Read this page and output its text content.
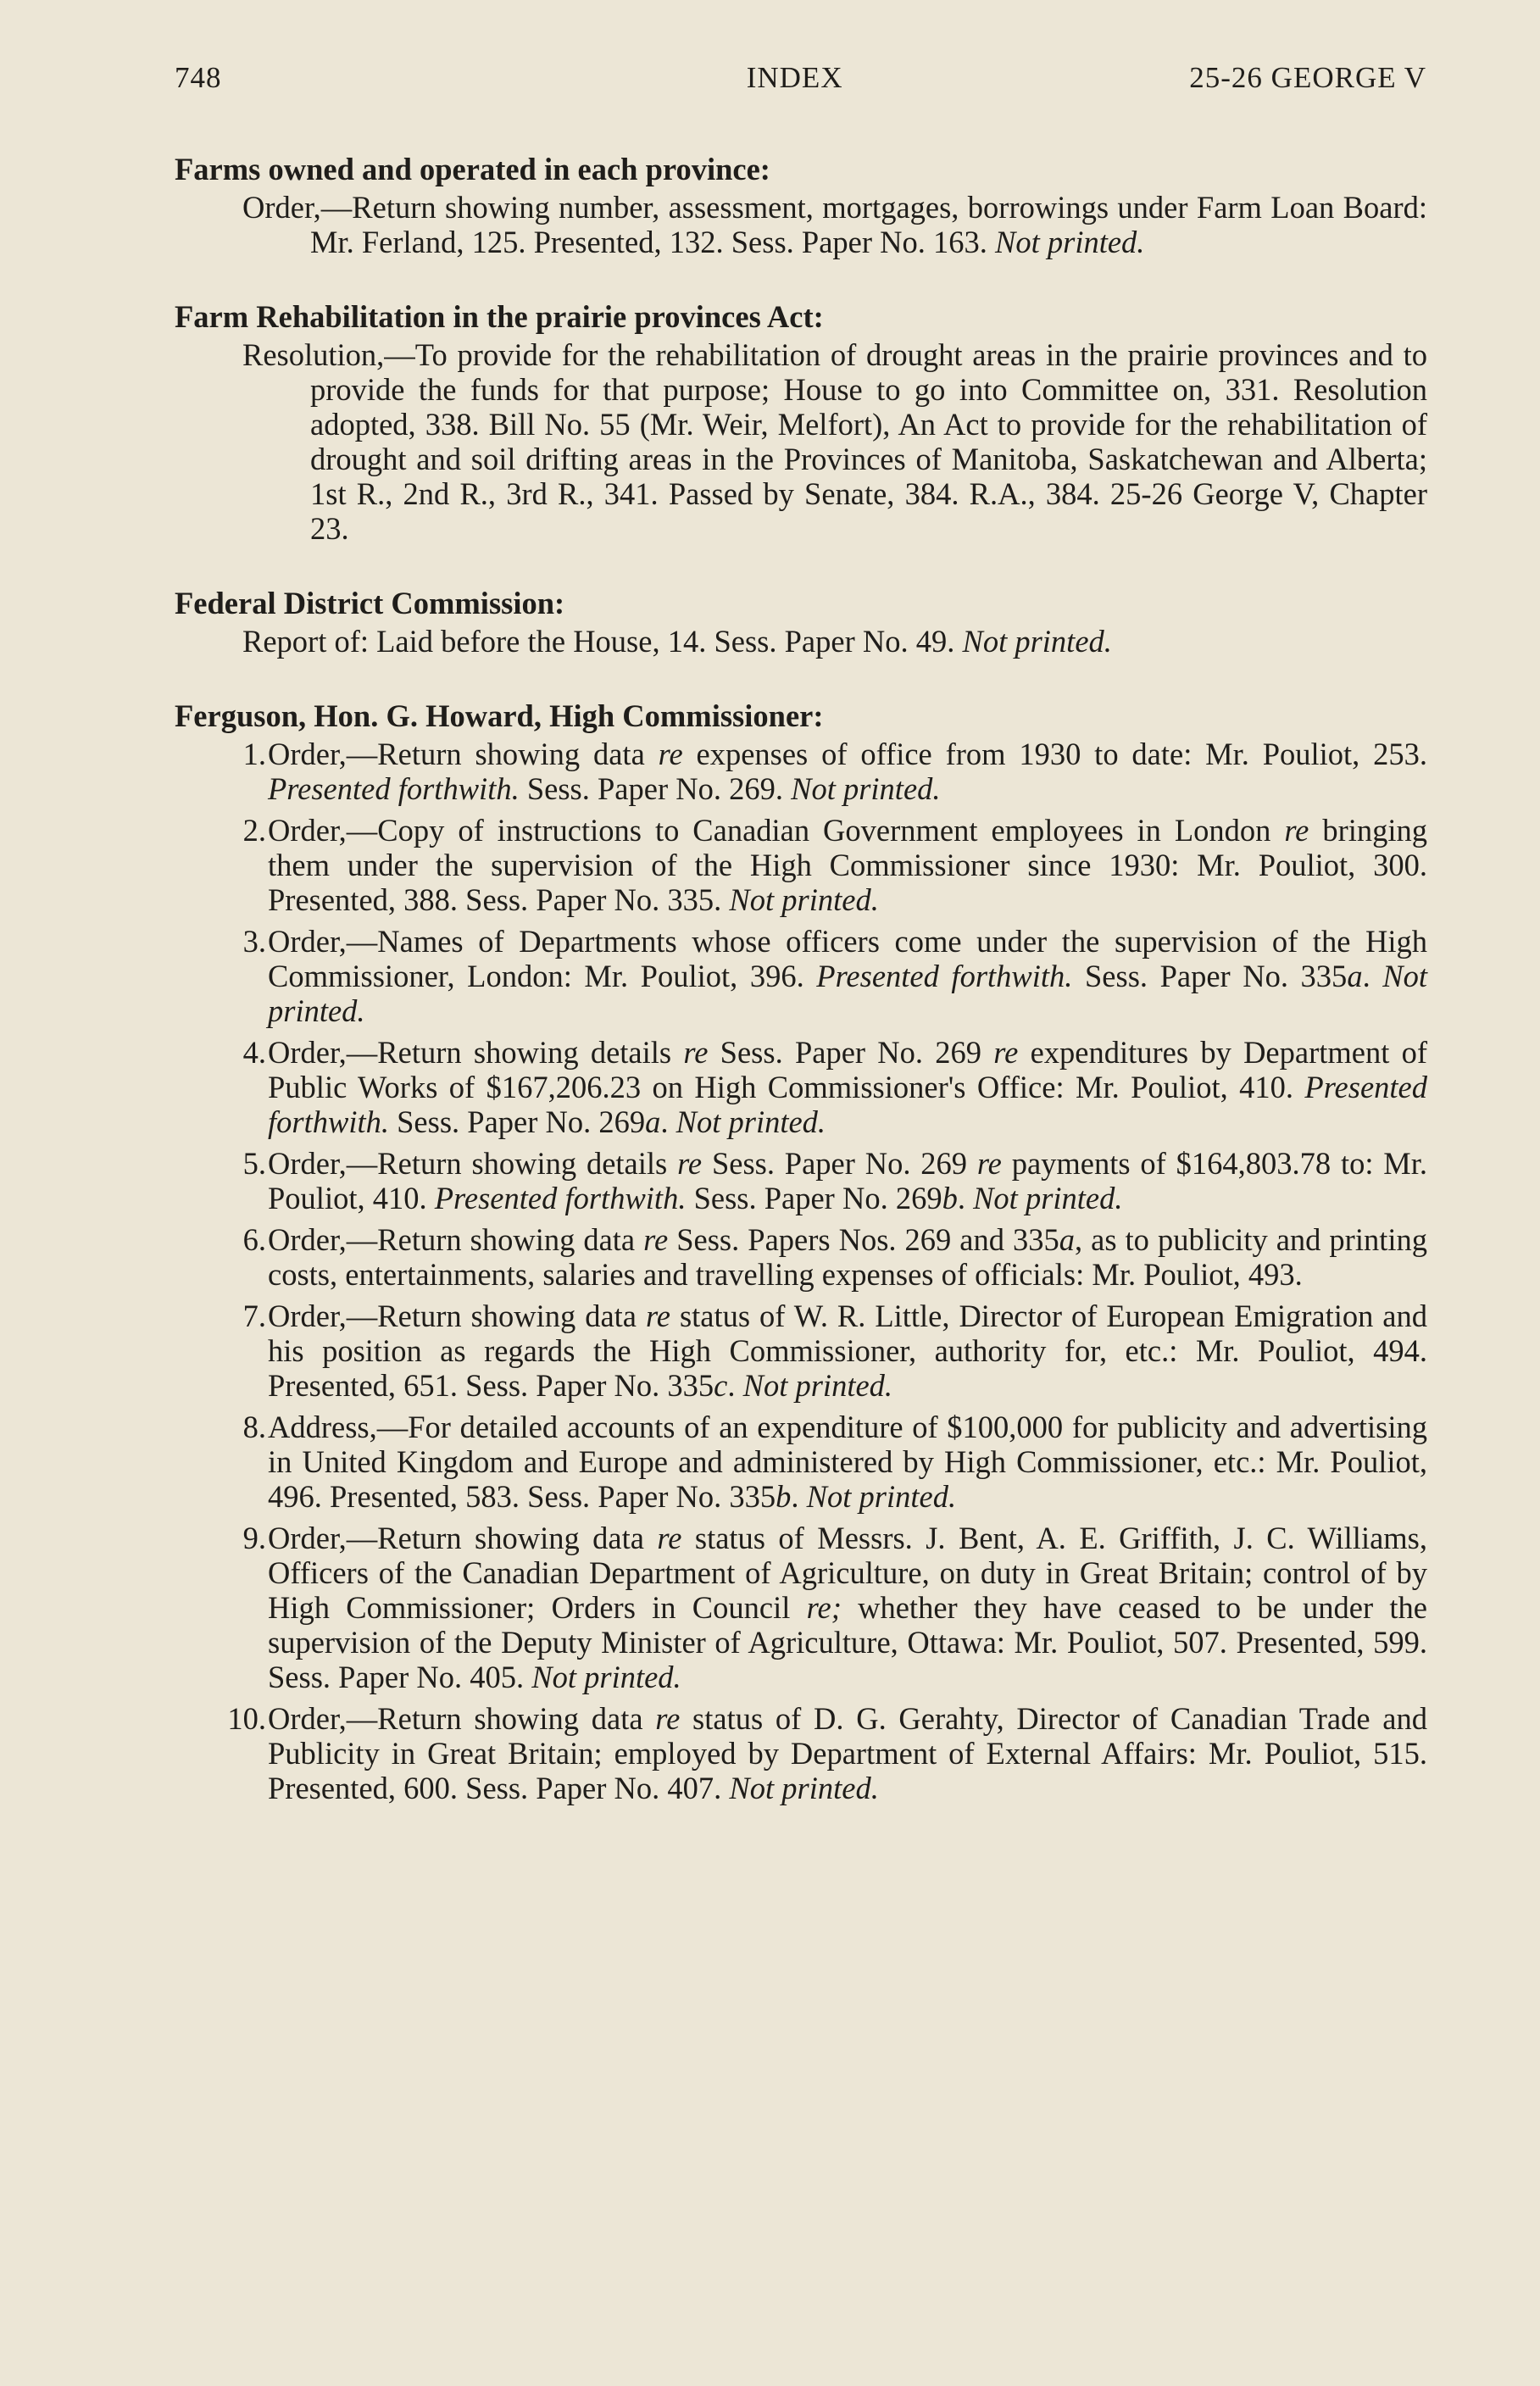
748	INDEX	25-26 GEORGE V

Farms owned and operated in each province:

Order,—Return showing number, assessment, mortgages, borrowings under Farm Loan Board: Mr. Ferland, 125. Presented, 132. Sess. Paper No. 163. Not printed.

Farm Rehabilitation in the prairie provinces Act:

Resolution,—To provide for the rehabilitation of drought areas in the prairie provinces and to provide the funds for that purpose; House to go into Committee on, 331. Resolution adopted, 338. Bill No. 55 (Mr. Weir, Melfort), An Act to provide for the rehabilitation of drought and soil drifting areas in the Provinces of Manitoba, Saskatchewan and Alberta; 1st R., 2nd R., 3rd R., 341. Passed by Senate, 384. R.A., 384. 25-26 George V, Chapter 23.

Federal District Commission:

Report of: Laid before the House, 14. Sess. Paper No. 49. Not printed.

Ferguson, Hon. G. Howard, High Commissioner:

1. Order,—Return showing data re expenses of office from 1930 to date: Mr. Pouliot, 253. Presented forthwith. Sess. Paper No. 269. Not printed.
2. Order,—Copy of instructions to Canadian Government employees in London re bringing them under the supervision of the High Commissioner since 1930: Mr. Pouliot, 300. Presented, 388. Sess. Paper No. 335. Not printed.
3. Order,—Names of Departments whose officers come under the supervision of the High Commissioner, London: Mr. Pouliot, 396. Presented forthwith. Sess. Paper No. 335a. Not printed.
4. Order,—Return showing details re Sess. Paper No. 269 re expenditures by Department of Public Works of $167,206.23 on High Commissioner's Office: Mr. Pouliot, 410. Presented forthwith. Sess. Paper No. 269a. Not printed.
5. Order,—Return showing details re Sess. Paper No. 269 re payments of $164,803.78 to: Mr. Pouliot, 410. Presented forthwith. Sess. Paper No. 269b. Not printed.
6. Order,—Return showing data re Sess. Papers Nos. 269 and 335a, as to publicity and printing costs, entertainments, salaries and travelling expenses of officials: Mr. Pouliot, 493.
7. Order,—Return showing data re status of W. R. Little, Director of European Emigration and his position as regards the High Commissioner, authority for, etc.: Mr. Pouliot, 494. Presented, 651. Sess. Paper No. 335c. Not printed.
8. Address,—For detailed accounts of an expenditure of $100,000 for publicity and advertising in United Kingdom and Europe and administered by High Commissioner, etc.: Mr. Pouliot, 496. Presented, 583. Sess. Paper No. 335b. Not printed.
9. Order,—Return showing data re status of Messrs. J. Bent, A. E. Griffith, J. C. Williams, Officers of the Canadian Department of Agriculture, on duty in Great Britain; control of by High Commissioner; Orders in Council re; whether they have ceased to be under the supervision of the Deputy Minister of Agriculture, Ottawa: Mr. Pouliot, 507. Presented, 599. Sess. Paper No. 405. Not printed.
10. Order,—Return showing data re status of D. G. Gerahty, Director of Canadian Trade and Publicity in Great Britain; employed by Department of External Affairs: Mr. Pouliot, 515. Presented, 600. Sess. Paper No. 407. Not printed.
